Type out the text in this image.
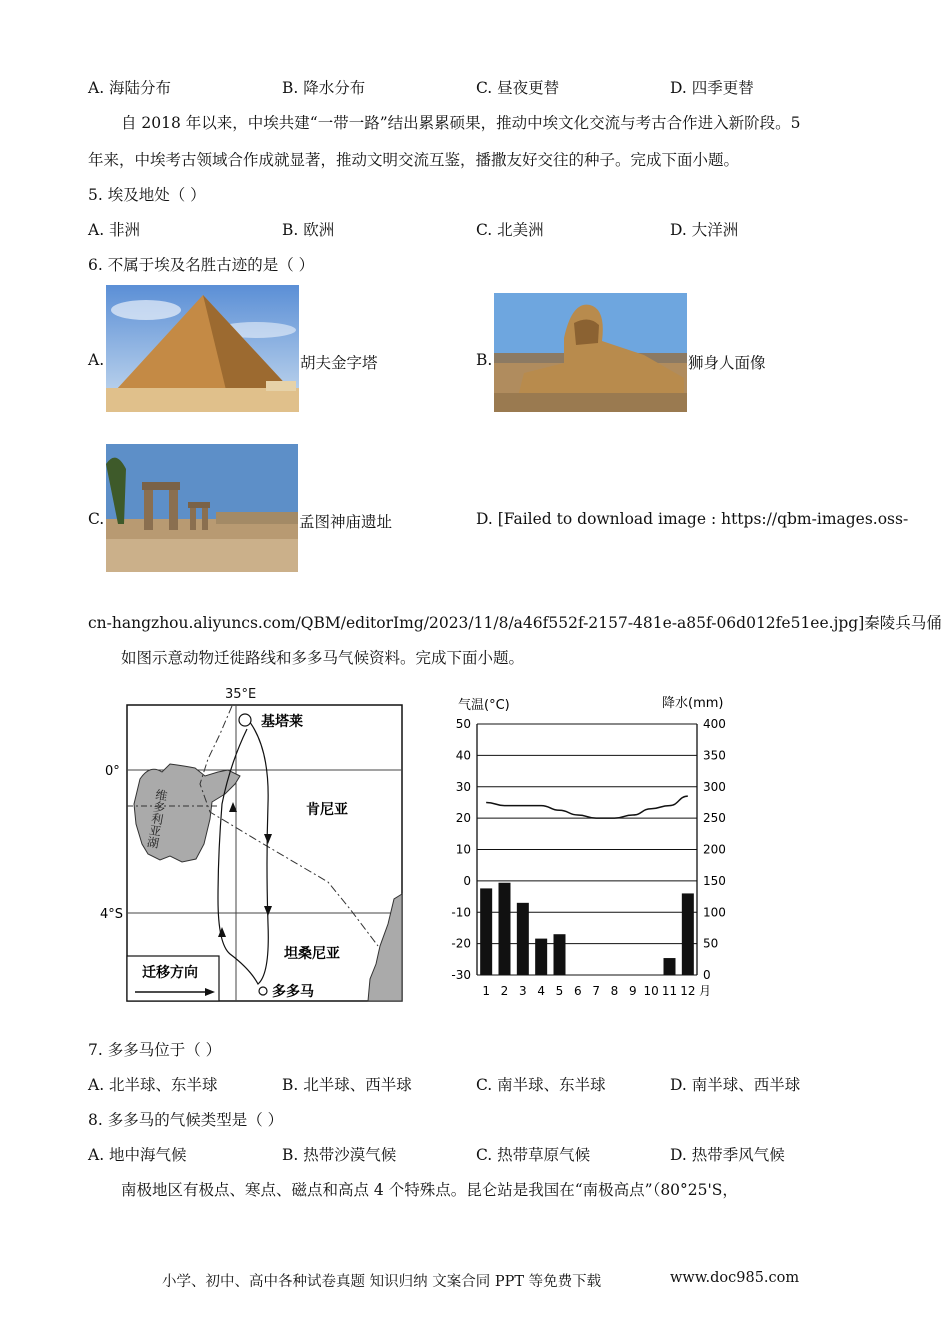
A. 海陆分布	B. 降水分布	C. 昼夜更替	D. 四季更替
自 2018 年以来，中埃共建“一带一路”结出累累硕果，推动中埃文化交流与考古合作进入新阶段。5
年来，中埃考古领域合作成就显著，推动文明交流互鉴，播撒友好交往的种子。完成下面小题。
5. 埃及地处（ ）
A. 非洲	B. 欧洲	C. 北美洲	D. 大洋洲
6. 不属于埃及名胜古迹的是（ ）
A.	胡夫金字塔	B.	狮身人面像
C.	孟图神庙遗址	D. [Failed to download image : https://qbm-images.oss-
cn-hangzhou.aliyuncs.com/QBM/editorImg/2023/11/8/a46f552f-2157-481e-a85f-06d012fe51ee.jpg]秦陵兵马俑
如图示意动物迁徙路线和多多马气候资料。完成下面小题。
35°E
0°
4°S
维多利亚湖
基塔莱
多多马
肯尼亚
坦桑尼亚
迁移方向
气温(°C)	降水(mm)
50	400
40	350
30	300
20	250
10	200
0	150
-10	100
-20	50
-30	0
1 2 3 4 5 6 7 8 9 10 11 12 月
7. 多多马位于（ ）
A. 北半球、东半球	B. 北半球、西半球	C. 南半球、东半球	D. 南半球、西半球
8. 多多马的气候类型是（ ）
A. 地中海气候	B. 热带沙漠气候	C. 热带草原气候	D. 热带季风气候
南极地区有极点、寒点、磁点和高点 4 个特殊点。昆仑站是我国在“南极高点”（80°25'S，
小学、初中、高中各种试卷真题 知识归纳 文案合同 PPT 等免费下载	www.doc985.com
